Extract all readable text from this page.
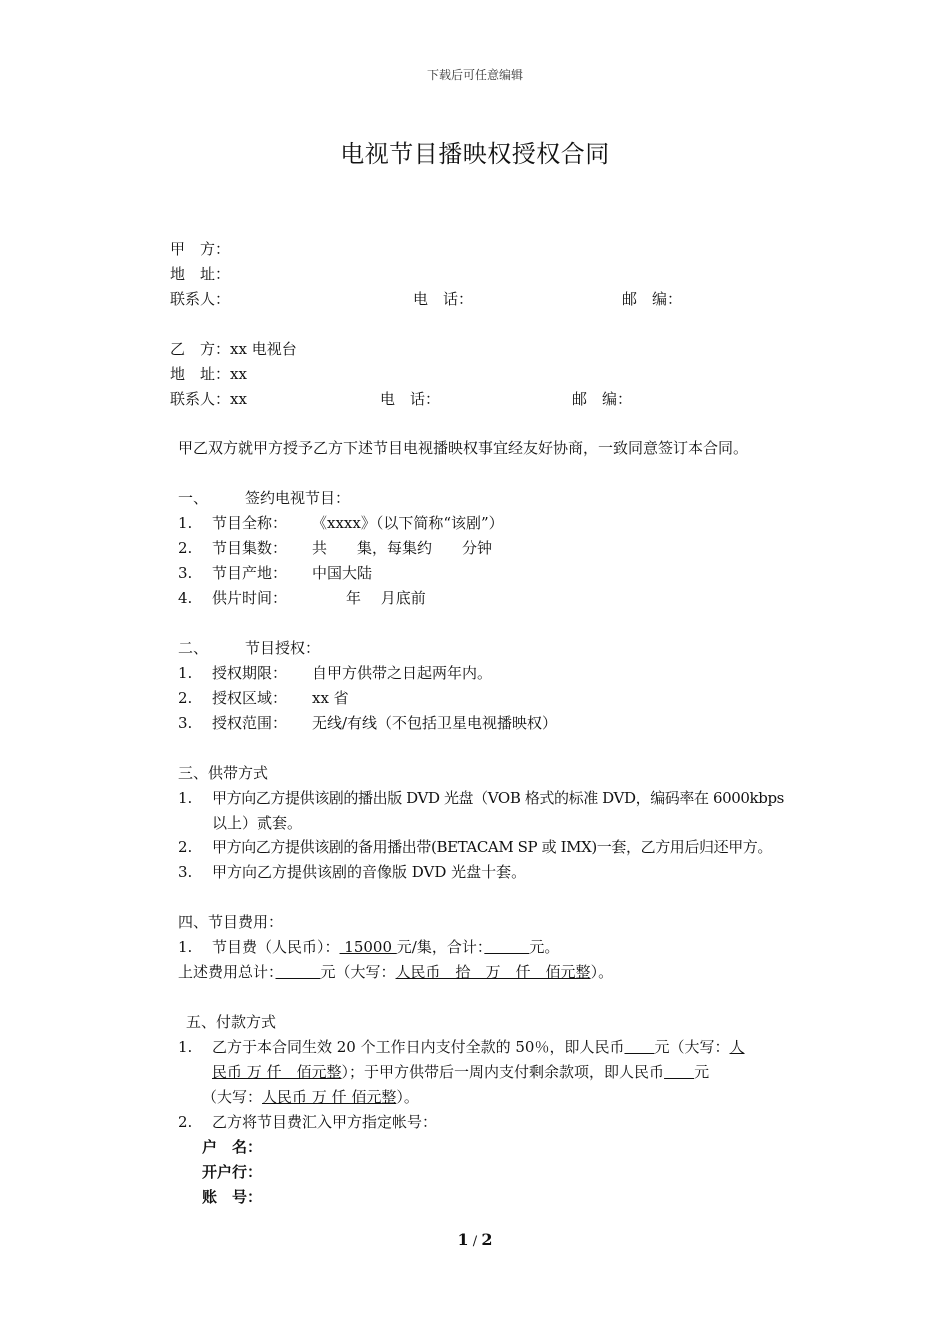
下载后可任意编辑
电视节目播映权授权合同
甲　方：
地　址：
联系人：	电　话：	邮　编：
乙　方：xx 电视台
地　址：xx
联系人：xx	电　话：	邮　编：
甲乙双方就甲方授予乙方下述节目电视播映权事宜经友好协商，一致同意签订本合同。
一、 签约电视节目：
1. 节目全称： 《xxxx》（以下简称“该剧”）
2. 节目集数： 共　　集，每集约　　分钟
3. 节目产地： 中国大陆
4. 供片时间：	年　 月底前
二、 节目授权：
1. 授权期限： 自甲方供带之日起两年内。
2. 授权区域： xx 省
3. 授权范围： 无线/有线（不包括卫星电视播映权）
三、供带方式
1. 甲方向乙方提供该剧的播出版 DVD 光盘（VOB 格式的标准 DVD，编码率在 6000kbps
以上）贰套。
2. 甲方向乙方提供该剧的备用播出带(BETACAM SP 或 IMX)一套，乙方用后归还甲方。
3. 甲方向乙方提供该剧的音像版 DVD 光盘十套。
四、节目费用：
1. 节目费（人民币）： 15000 元/集，合计：　　　	元。
上述费用总计：　　　	元（大写：人民币　拾　万　仟　佰元整）。
五、付款方式
1. 乙方于本合同生效 20 个工作日内支付全款的 50％，即人民币　　 元（大写：人
民币 万 仟　佰元整）；于甲方供带后一周内支付剩余款项，即人民币　　 元
（大写：人民币 万 仟 佰元整）。
2. 乙方将节目费汇入甲方指定帐号：
户　名：
开户行：
账　号：
1 / 2
